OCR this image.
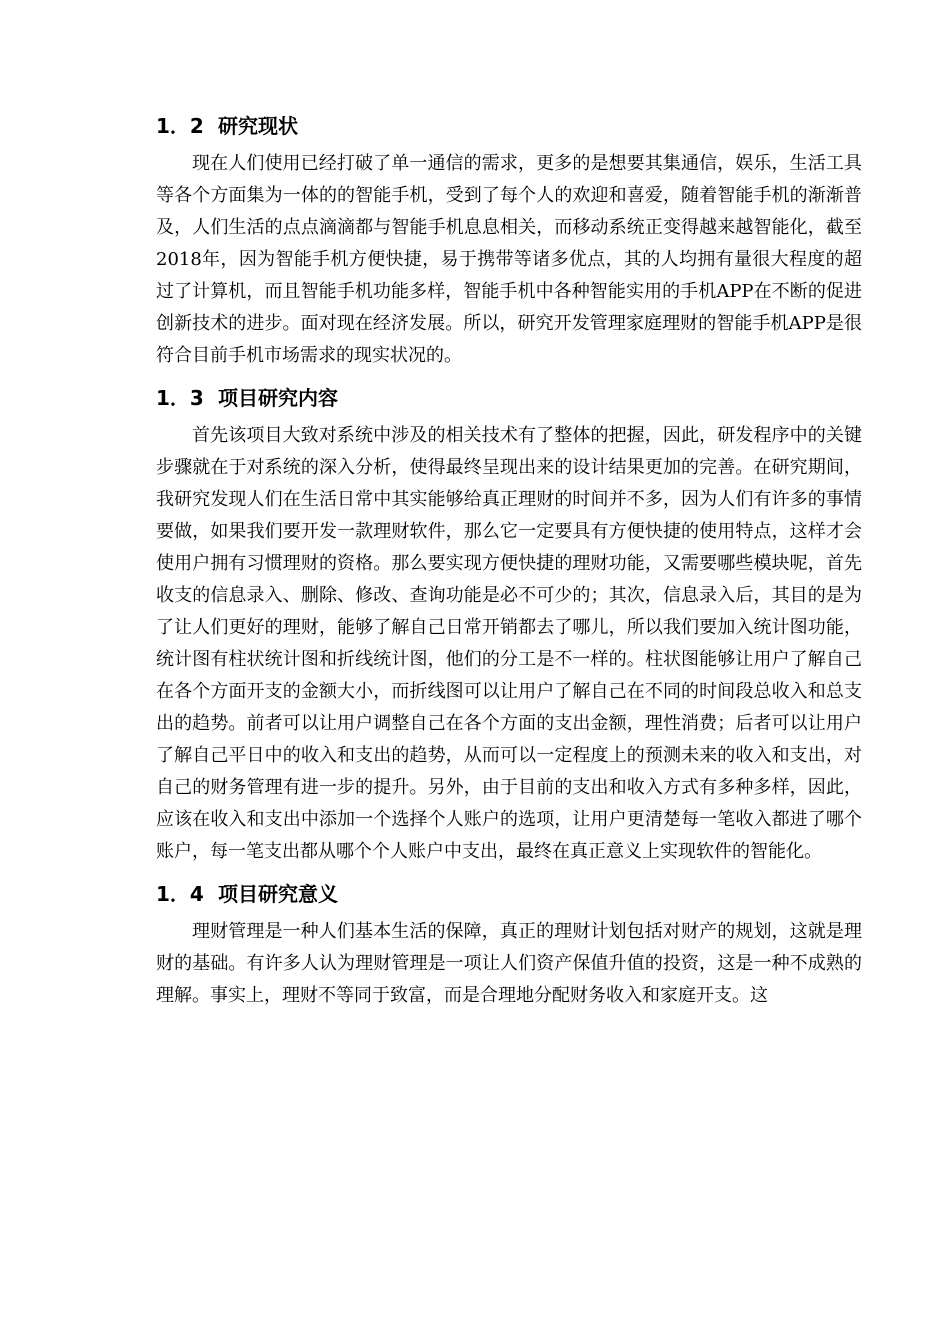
1．2 研究现状

现在人们使用已经打破了单一通信的需求，更多的是想要其集通信，娱乐，生活工具等各个方面集为一体的的智能手机，受到了每个人的欢迎和喜爱，随着智能手机的渐渐普及，人们生活的点点滴滴都与智能手机息息相关，而移动系统正变得越来越智能化，截至2018年，因为智能手机方便快捷，易于携带等诸多优点，其的人均拥有量很大程度的超过了计算机，而且智能手机功能多样，智能手机中各种智能实用的手机APP在不断的促进创新技术的进步。面对现在经济发展。所以，研究开发管理家庭理财的智能手机APP是很符合目前手机市场需求的现实状况的。

1．3 项目研究内容

首先该项目大致对系统中涉及的相关技术有了整体的把握，因此，研发程序中的关键步骤就在于对系统的深入分析，使得最终呈现出来的设计结果更加的完善。在研究期间，我研究发现人们在生活日常中其实能够给真正理财的时间并不多，因为人们有许多的事情要做，如果我们要开发一款理财软件，那么它一定要具有方便快捷的使用特点，这样才会使用户拥有习惯理财的资格。那么要实现方便快捷的理财功能，又需要哪些模块呢，首先收支的信息录入、删除、修改、查询功能是必不可少的；其次，信息录入后，其目的是为了让人们更好的理财，能够了解自己日常开销都去了哪儿，所以我们要加入统计图功能，统计图有柱状统计图和折线统计图，他们的分工是不一样的。柱状图能够让用户了解自己在各个方面开支的金额大小，而折线图可以让用户了解自己在不同的时间段总收入和总支出的趋势。前者可以让用户调整自己在各个方面的支出金额，理性消费；后者可以让用户了解自己平日中的收入和支出的趋势，从而可以一定程度上的预测未来的收入和支出，对自己的财务管理有进一步的提升。另外，由于目前的支出和收入方式有多种多样，因此，应该在收入和支出中添加一个选择个人账户的选项，让用户更清楚每一笔收入都进了哪个账户，每一笔支出都从哪个个人账户中支出，最终在真正意义上实现软件的智能化。

1．4 项目研究意义

理财管理是一种人们基本生活的保障，真正的理财计划包括对财产的规划，这就是理财的基础。有许多人认为理财管理是一项让人们资产保值升值的投资，这是一种不成熟的理解。事实上，理财不等同于致富，而是合理地分配财务收入和家庭开支。这
